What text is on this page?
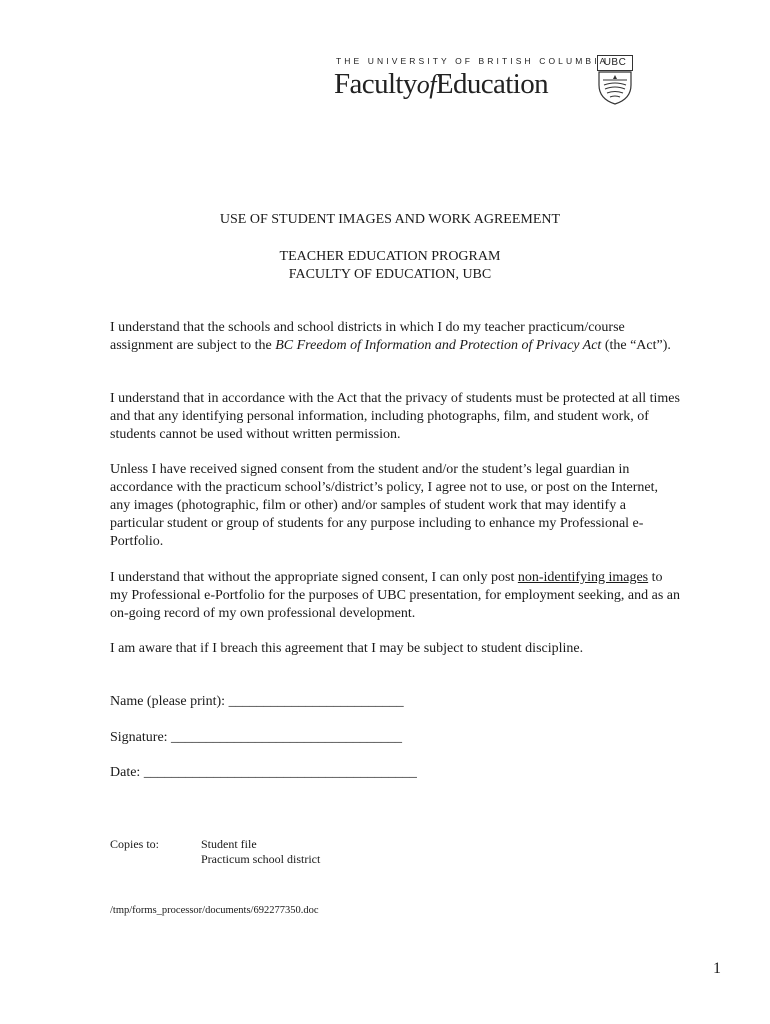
THE UNIVERSITY OF BRITISH COLUMBIA
FacultyofEducation
UBC
USE OF STUDENT IMAGES AND WORK AGREEMENT
TEACHER EDUCATION PROGRAM
FACULTY OF EDUCATION, UBC
I understand that the schools and school districts in which I do my teacher practicum/course assignment are subject to the BC Freedom of Information and Protection of Privacy Act (the “Act”).
I understand that in accordance with the Act that the privacy of students must be protected at all times and that any identifying personal information, including photographs, film, and student work, of students cannot be used without written permission.
Unless I have received signed consent from the student and/or the student’s legal guardian in accordance with the practicum school’s/district’s policy, I agree not to use, or post on the Internet, any images (photographic, film or other) and/or samples of student work that may identify a particular student or group of students for any purpose including to enhance my Professional e-Portfolio.
I understand that without the appropriate signed consent, I can only post non-identifying images to my Professional e-Portfolio for the purposes of UBC presentation, for employment seeking, and as an on-going record of my own professional development.
I am aware that if I breach this agreement that I may be subject to student discipline.
Name (please print): _________________________
Signature: _________________________________
Date: _______________________________________
Copies to:	Student file
Practicum school district
/tmp/forms_processor/documents/692277350.doc
1
